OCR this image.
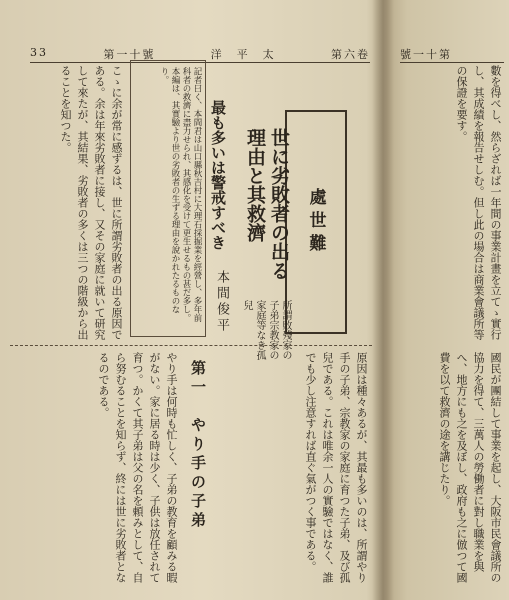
33	第一十號	洋　平　太	第六卷	號一十第
處世難
世に劣敗者の出る理由と其救濟
最も多いは警戒すべき
所謂敗殘家の子弟宗教家の家庭等なき孤兒
本間俊平
記者曰く、本間君は山口縣秋吉村に大理石採掘業を經營し、多年前科者の救濟に盡力せられ、其感化を受けて更生せるもの甚だ多し。本編は、其實驗より世の劣敗者の生ずる理由を說かれたるものなり。
こゝに余が常に感ずるは、世に所謂劣敗者の出る原因である。余は年來劣敗者に接し、又その家庭に就いて研究して來たが、其結果、劣敗者の多くは三つの階級から出ることを知つた。
原因は種々あるが、其最も多いのは、所謂やり手の子弟、宗教家の家庭に育つた子弟、及び孤兒である。これは唯余一人の實驗ではなく、誰でも少し注意すれば直ぐ氣がつく事である。
第一　やり手の子弟
やり手は何時も忙しく、子弟の教育を顧みる暇がない。家に居る時は少く、子供は放任されて育つ。かくて其子弟は父の名を頼みとして、自ら努むることを知らず、終には世に劣敗者となるのである。
數を得べし、然らざれば一年間の事業計畫を立てゝ實行し、其成績を報告せしむ。但し此の場合は商業會議所等の保證を要す。
國民が團結して事業を起し、大阪市民會議所の協力を得て、三萬人の勞働者に對し職業を與へ、地方にも之を及ぼし、政府も之に倣つて國費を以て救濟の途を講じたり。
